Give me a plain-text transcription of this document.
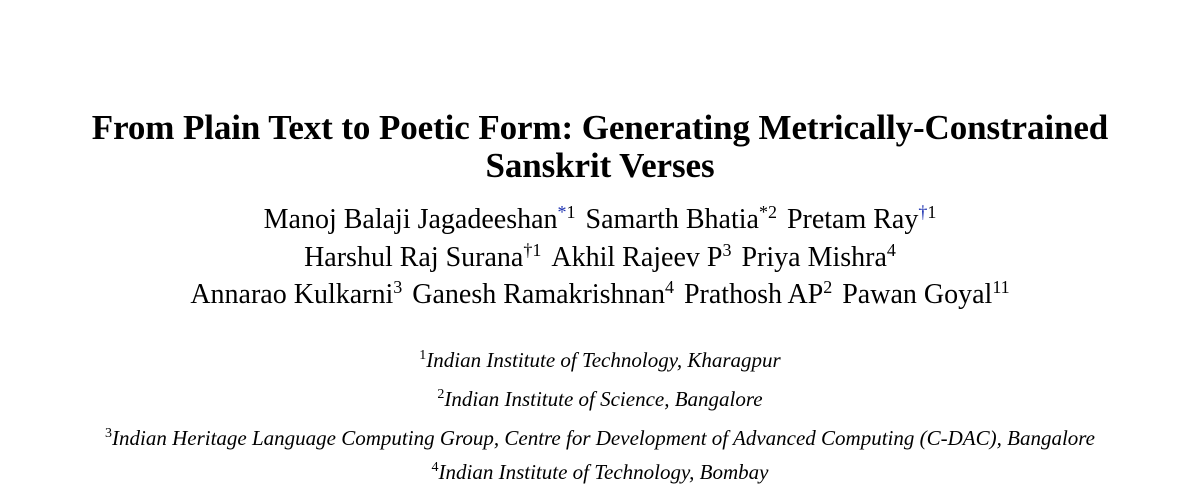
From Plain Text to Poetic Form: Generating Metrically-Constrained
Sanskrit Verses
Manoj Balaji Jagadeeshan$^{*1}$ Samarth Bhatia$^{*2}$ Pretam Ray$^{\dagger 1}$
Harshul Raj Surana$^{\dagger 1}$ Akhil Rajeev $P^3$ Priya Mishra$^4$
Annarao Kulkarni$^3$ Ganesh Ramakrishnan$^4$ Prathosh $AP^2$ Pawan Goyal$^{11}$
$^1$Indian Institute of Technology, Kharagpur
$^2$Indian Institute of Science, Bangalore
$^3$Indian Heritage Language Computing Group, Centre for Development of Advanced Computing (C-DAC), Bangalore
$^4$Indian Institute of Technology, Bombay
